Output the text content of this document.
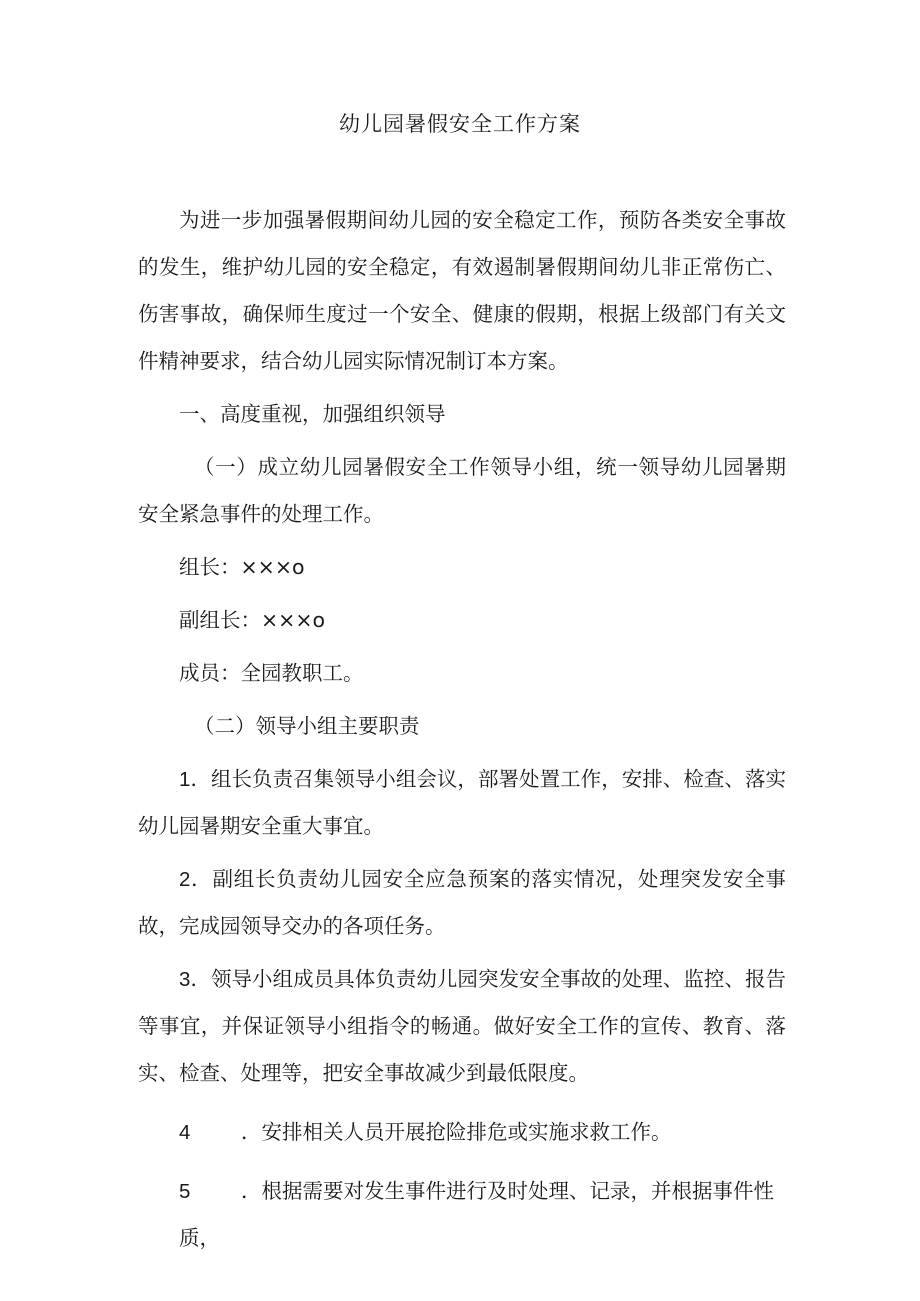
幼儿园暑假安全工作方案

为进一步加强暑假期间幼儿园的安全稳定工作，预防各类安全事故的发生，维护幼儿园的安全稳定，有效遏制暑假期间幼儿非正常伤亡、伤害事故，确保师生度过一个安全、健康的假期，根据上级部门有关文件精神要求，结合幼儿园实际情况制订本方案。

一、高度重视，加强组织领导

（一）成立幼儿园暑假安全工作领导小组，统一领导幼儿园暑期安全紧急事件的处理工作。

组长：×××o

副组长：×××o

成员：全园教职工。

（二）领导小组主要职责

1．组长负责召集领导小组会议，部署处置工作，安排、检查、落实幼儿园暑期安全重大事宜。

2．副组长负责幼儿园安全应急预案的落实情况，处理突发安全事故，完成园领导交办的各项任务。

3．领导小组成员具体负责幼儿园突发安全事故的处理、监控、报告等事宜，并保证领导小组指令的畅通。做好安全工作的宣传、教育、落实、检查、处理等，把安全事故减少到最低限度。

4 ．安排相关人员开展抢险排危或实施求救工作。

5 ．根据需要对发生事件进行及时处理、记录，并根据事件性质，
